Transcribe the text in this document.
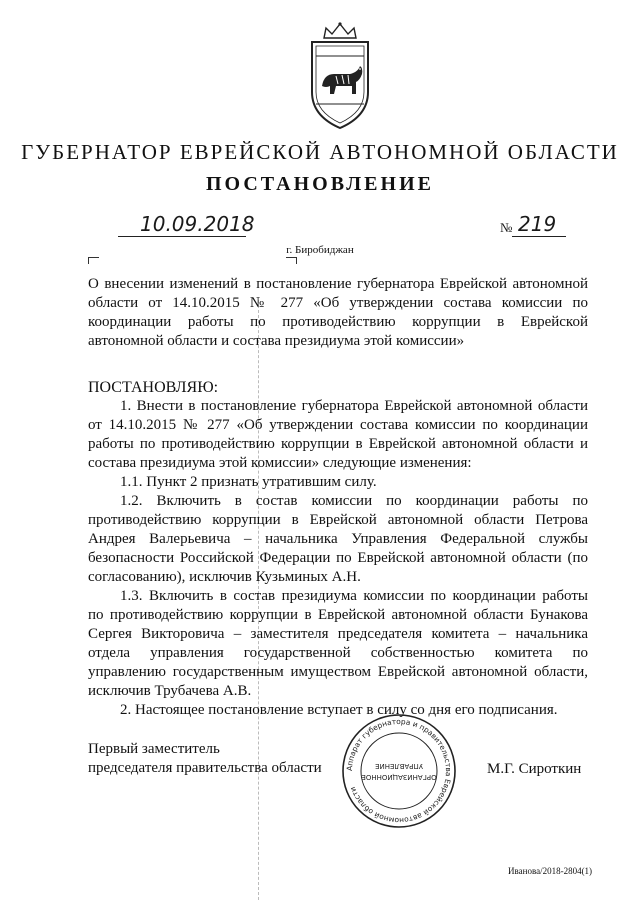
ГУБЕРНАТОР ЕВРЕЙСКОЙ АВТОНОМНОЙ ОБЛАСТИ
ПОСТАНОВЛЕНИЕ
10.09.2018	№ 219
г. Биробиджан
О внесении изменений в постановление губернатора Еврейской автономной
области от 14.10.2015 № 277 «Об утверждении состава комиссии по
координации работы по противодействию коррупции в Еврейской
автономной области и состава президиума этой комиссии»
ПОСТАНОВЛЯЮ:
1. Внести в постановление губернатора Еврейской автономной области
от 14.10.2015 № 277 «Об утверждении состава комиссии по координации
работы по противодействию коррупции в Еврейской автономной области и
состава президиума этой комиссии» следующие изменения:
1.1. Пункт 2 признать утратившим силу.
1.2. Включить в состав комиссии по координации работы по
противодействию коррупции в Еврейской автономной области Петрова
Андрея Валерьевича – начальника Управления Федеральной службы
безопасности Российской Федерации по Еврейской автономной области (по
согласованию), исключив Кузьминых А.Н.
1.3. Включить в состав президиума комиссии по координации работы
по противодействию коррупции в Еврейской автономной области Бунакова
Сергея Викторовича – заместителя председателя комитета – начальника
отдела управления государственной собственностью комитета по
управлению государственным имуществом Еврейской автономной области,
исключив Трубачева А.В.
2. Настоящее постановление вступает в силу со дня его подписания.
Первый заместитель
председателя правительства области	Аппарат губернатора и правительства Еврейской автономной области
ОРГАНИЗАЦИОННОЕ
УПРАВЛЕНИЕ	М.Г. Сироткин
Иванова/2018-2804(1)
